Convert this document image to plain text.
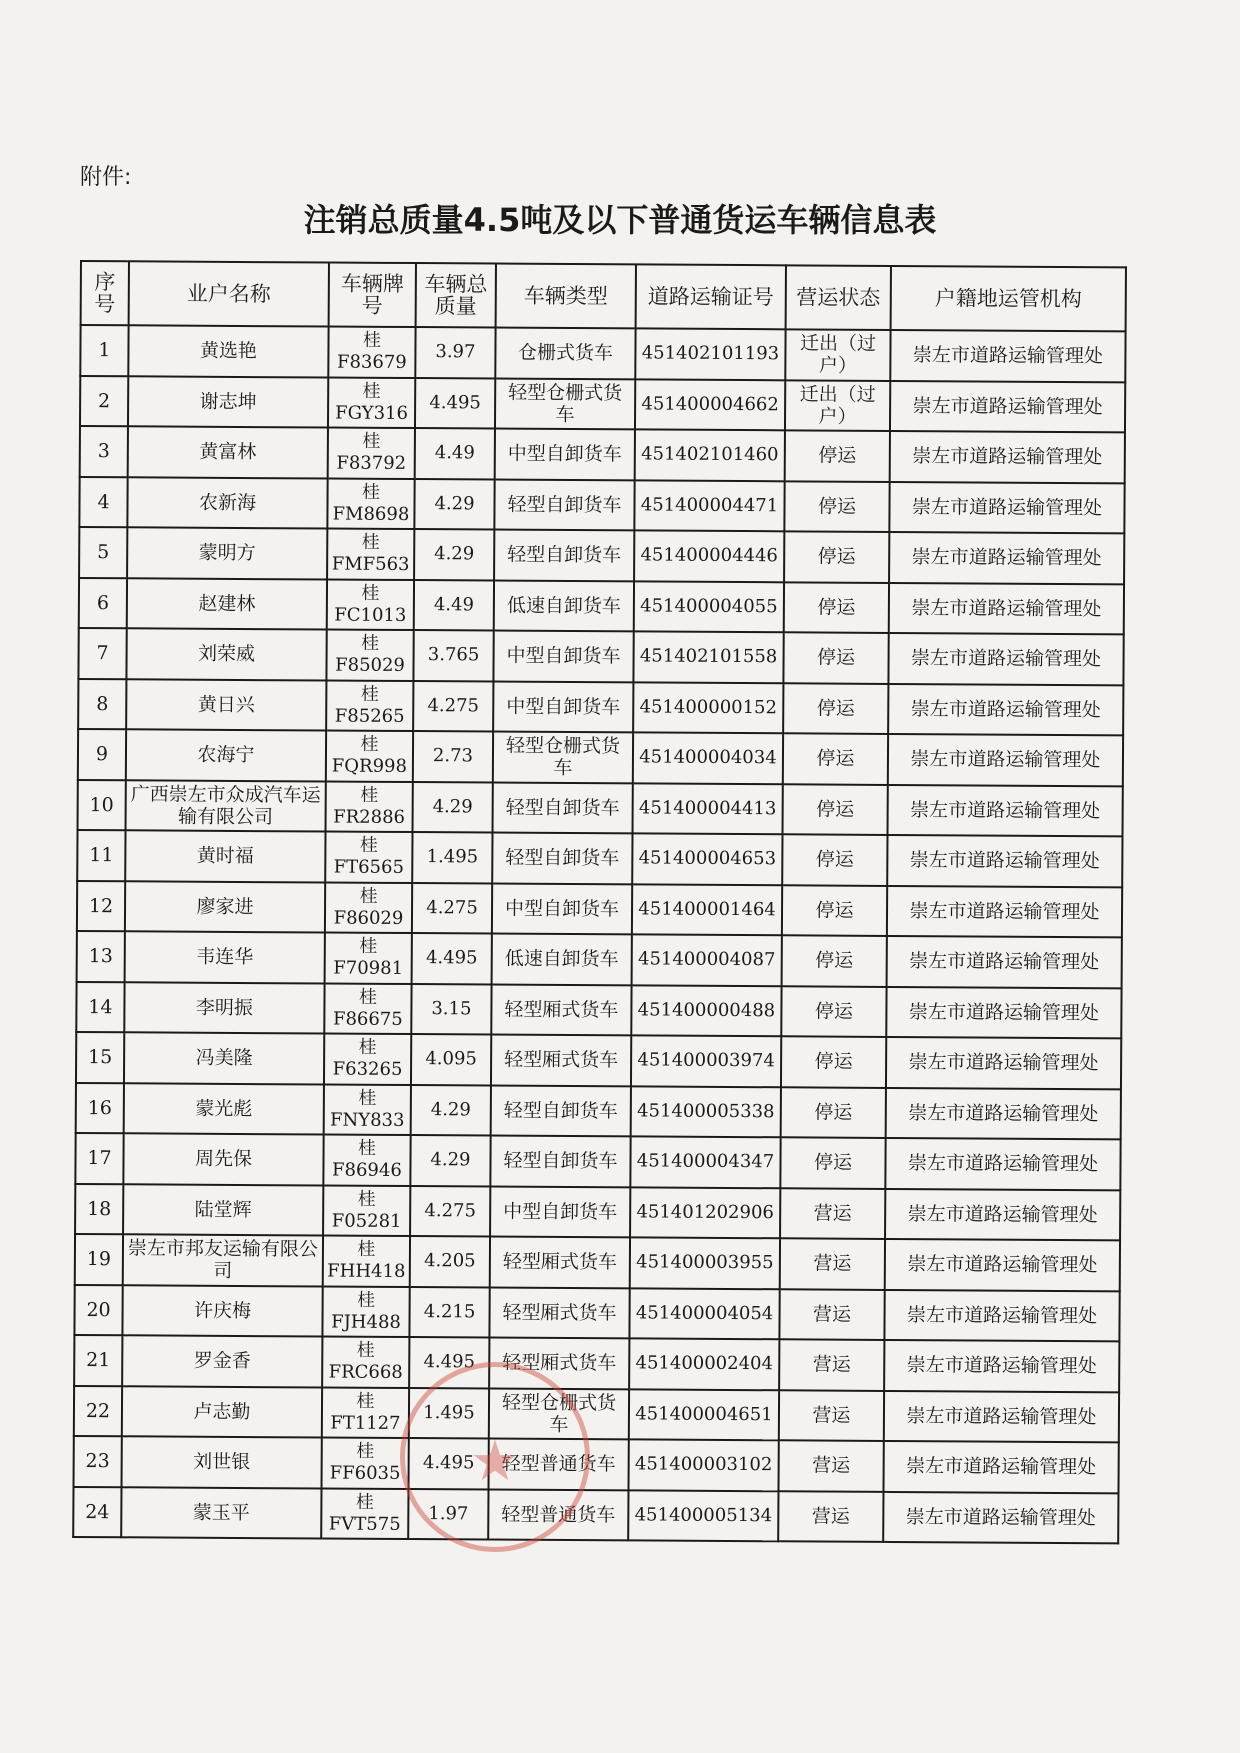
附件:
注销总质量4.5吨及以下普通货运车辆信息表
序号	业户名称	车辆牌号	车辆总质量	车辆类型	道路运输证号	营运状态	户籍地运管机构
1	黄选艳	桂F83679	3.97	仓栅式货车	451402101193	迁出（过户）	崇左市道路运输管理处
2	谢志坤	桂FGY316	4.495	轻型仓栅式货车	451400004662	迁出（过户）	崇左市道路运输管理处
3	黄富林	桂F83792	4.49	中型自卸货车	451402101460	停运	崇左市道路运输管理处
4	农新海	桂FM8698	4.29	轻型自卸货车	451400004471	停运	崇左市道路运输管理处
5	蒙明方	桂FMF563	4.29	轻型自卸货车	451400004446	停运	崇左市道路运输管理处
6	赵建林	桂FC1013	4.49	低速自卸货车	451400004055	停运	崇左市道路运输管理处
7	刘荣威	桂F85029	3.765	中型自卸货车	451402101558	停运	崇左市道路运输管理处
8	黄日兴	桂F85265	4.275	中型自卸货车	451400000152	停运	崇左市道路运输管理处
9	农海宁	桂FQR998	2.73	轻型仓栅式货车	451400004034	停运	崇左市道路运输管理处
10	广西崇左市众成汽车运输有限公司	桂FR2886	4.29	轻型自卸货车	451400004413	停运	崇左市道路运输管理处
11	黄时福	桂FT6565	1.495	轻型自卸货车	451400004653	停运	崇左市道路运输管理处
12	廖家进	桂F86029	4.275	中型自卸货车	451400001464	停运	崇左市道路运输管理处
13	韦连华	桂F70981	4.495	低速自卸货车	451400004087	停运	崇左市道路运输管理处
14	李明振	桂F86675	3.15	轻型厢式货车	451400000488	停运	崇左市道路运输管理处
15	冯美隆	桂F63265	4.095	轻型厢式货车	451400003974	停运	崇左市道路运输管理处
16	蒙光彪	桂FNY833	4.29	轻型自卸货车	451400005338	停运	崇左市道路运输管理处
17	周先保	桂F86946	4.29	轻型自卸货车	451400004347	停运	崇左市道路运输管理处
18	陆堂辉	桂F05281	4.275	中型自卸货车	451401202906	营运	崇左市道路运输管理处
19	崇左市邦友运输有限公司	桂FHH418	4.205	轻型厢式货车	451400003955	营运	崇左市道路运输管理处
20	许庆梅	桂FJH488	4.215	轻型厢式货车	451400004054	营运	崇左市道路运输管理处
21	罗金香	桂FRC668	4.495	轻型厢式货车	451400002404	营运	崇左市道路运输管理处
22	卢志勤	桂FT1127	1.495	轻型仓栅式货车	451400004651	营运	崇左市道路运输管理处
23	刘世银	桂FF6035	4.495	轻型普通货车	451400003102	营运	崇左市道路运输管理处
24	蒙玉平	桂FVT575	1.97	轻型普通货车	451400005134	营运	崇左市道路运输管理处
★
